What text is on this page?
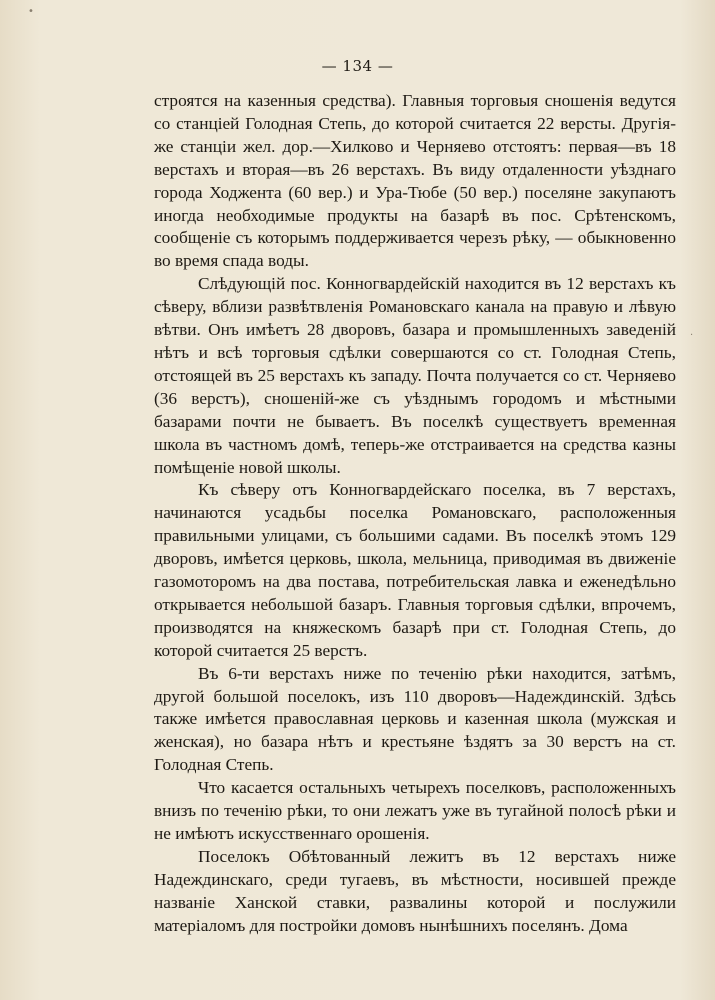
— 134 —

строятся на казенныя средства). Главныя торговыя сношенія ведутся со станціей Голодная Степь, до которой считается 22 версты. Другія-же станціи жел. дор.—Хилково и Черняево отстоятъ: первая—въ 18 верстахъ и вторая—въ 26 верстахъ. Въ виду отдаленности уѣзднаго города Ходжента (60 вер.) и Ура-Тюбе (50 вер.) поселяне закупаютъ иногда необходимые продукты на базарѣ въ пос. Срѣтенскомъ, сообщеніе съ которымъ поддерживается черезъ рѣку, — обыкновенно во время спада воды.

Слѣдующій пос. Конногвардейскій находится въ 12 верстахъ къ сѣверу, вблизи развѣтвленія Романовскаго канала на правую и лѣвую вѣтви. Онъ имѣетъ 28 дворовъ, базара и промышленныхъ заведеній нѣтъ и всѣ торговыя сдѣлки совершаются со ст. Голодная Степь, отстоящей въ 25 верстахъ къ западу. Почта получается со ст. Черняево (36 верстъ), сношеній-же съ уѣзднымъ городомъ и мѣстными базарами почти не бываетъ. Въ поселкѣ существуетъ временная школа въ частномъ домѣ, теперь-же отстраивается на средства казны помѣщеніе новой школы.

Къ сѣверу отъ Конногвардейскаго поселка, въ 7 верстахъ, начинаются усадьбы поселка Романовскаго, расположенныя правильными улицами, съ большими садами. Въ поселкѣ этомъ 129 дворовъ, имѣется церковь, школа, мельница, приводимая въ движеніе газомоторомъ на два постава, потребительская лавка и еженедѣльно открывается небольшой базаръ. Главныя торговыя сдѣлки, впрочемъ, производятся на княжескомъ базарѣ при ст. Голодная Степь, до которой считается 25 верстъ.

Въ 6-ти верстахъ ниже по теченію рѣки находится, затѣмъ, другой большой поселокъ, изъ 110 дворовъ—Надеждинскій. Здѣсь также имѣется православная церковь и казенная школа (мужская и женская), но базара нѣтъ и крестьяне ѣздятъ за 30 верстъ на ст. Голодная Степь.

Что касается остальныхъ четырехъ поселковъ, расположенныхъ внизъ по теченію рѣки, то они лежатъ уже въ тугайной полосѣ рѣки и не имѣютъ искусственнаго орошенія.

Поселокъ Обѣтованный лежитъ въ 12 верстахъ ниже Надеждинскаго, среди тугаевъ, въ мѣстности, носившей прежде названіе Ханской ставки, развалины которой и послужили матеріаломъ для постройки домовъ нынѣшнихъ поселянъ. Дома

•
·
